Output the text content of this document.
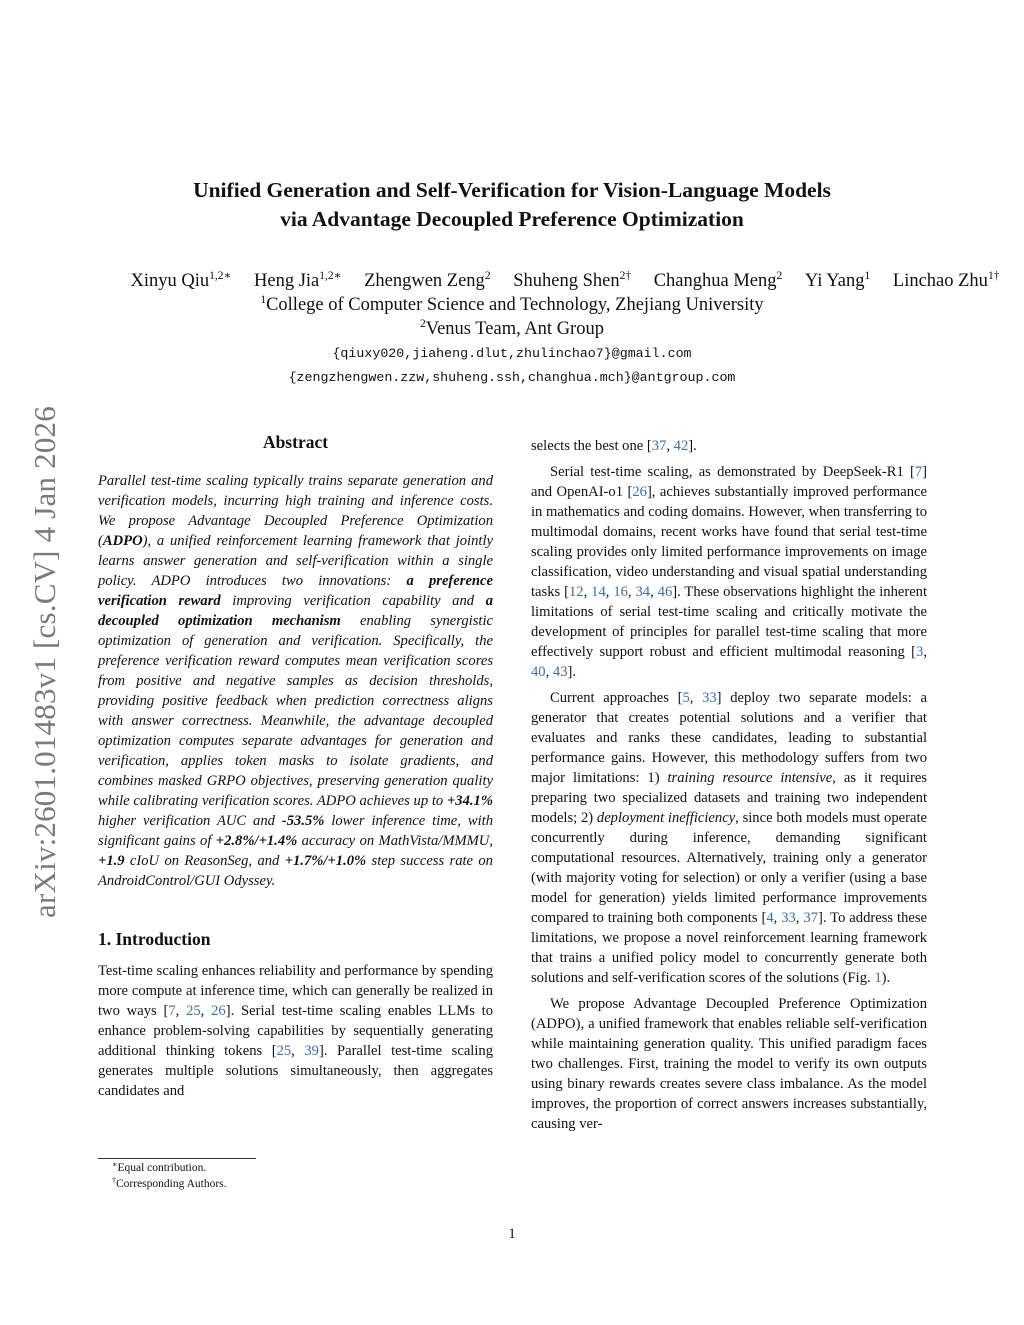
arXiv:2601.01483v1 [cs.CV] 4 Jan 2026
Unified Generation and Self-Verification for Vision-Language Models
via Advantage Decoupled Preference Optimization
Xinyu Qiu$^{1,2∗}$ Heng Jia$^{1,2∗}$ Zhengwen Zeng$^2$ Shuheng Shen$^{2\dagger}$ Changhua Meng$^2$ Yi Yang$^1$ Linchao Zhu$^{1\dagger}$
$^1$College of Computer Science and Technology, Zhejiang University
$^2$Venus Team, Ant Group
{qiuxy020,jiaheng.dlut,zhulinchao7}@gmail.com
{zengzhengwen.zzw,shuheng.ssh,changhua.mch}@antgroup.com
Abstract
Parallel test-time scaling typically trains separate generation and verification models, incurring high training and inference costs. We propose Advantage Decoupled Preference Optimization (ADPO), a unified reinforcement learning framework that jointly learns answer generation and self-verification within a single policy. ADPO introduces two innovations: a preference verification reward improving verification capability and a decoupled optimization mechanism enabling synergistic optimization of generation and verification. Specifically, the preference verification reward computes mean verification scores from positive and negative samples as decision thresholds, providing positive feedback when prediction correctness aligns with answer correctness. Meanwhile, the advantage decoupled optimization computes separate advantages for generation and verification, applies token masks to isolate gradients, and combines masked GRPO objectives, preserving generation quality while calibrating verification scores. ADPO achieves up to +34.1% higher verification AUC and -53.5% lower inference time, with significant gains of +2.8%/+1.4% accuracy on MathVista/MMMU, +1.9 cIoU on ReasonSeg, and +1.7%/+1.0% step success rate on AndroidControl/GUI Odyssey.
1. Introduction
Test-time scaling enhances reliability and performance by spending more compute at inference time, which can generally be realized in two ways [7, 25, 26]. Serial test-time scaling enables LLMs to enhance problem-solving capabilities by sequentially generating additional thinking tokens [25, 39]. Parallel test-time scaling generates multiple solutions simultaneously, then aggregates candidates and
selects the best one [37, 42].
Serial test-time scaling, as demonstrated by DeepSeek-R1 [7] and OpenAI-o1 [26], achieves substantially improved performance in mathematics and coding domains. However, when transferring to multimodal domains, recent works have found that serial test-time scaling provides only limited performance improvements on image classification, video understanding and visual spatial understanding tasks [12, 14, 16, 34, 46]. These observations highlight the inherent limitations of serial test-time scaling and critically motivate the development of principles for parallel test-time scaling that more effectively support robust and efficient multimodal reasoning [3, 40, 43].
Current approaches [5, 33] deploy two separate models: a generator that creates potential solutions and a verifier that evaluates and ranks these candidates, leading to substantial performance gains. However, this methodology suffers from two major limitations: 1) training resource intensive, as it requires preparing two specialized datasets and training two independent models; 2) deployment inefficiency, since both models must operate concurrently during inference, demanding significant computational resources. Alternatively, training only a generator (with majority voting for selection) or only a verifier (using a base model for generation) yields limited performance improvements compared to training both components [4, 33, 37]. To address these limitations, we propose a novel reinforcement learning framework that trains a unified policy model to concurrently generate both solutions and self-verification scores of the solutions (Fig. 1).
We propose Advantage Decoupled Preference Optimization (ADPO), a unified framework that enables reliable self-verification while maintaining generation quality. This unified paradigm faces two challenges. First, training the model to verify its own outputs using binary rewards creates severe class imbalance. As the model improves, the proportion of correct answers increases substantially, causing ver-
∗Equal contribution.
†Corresponding Authors.
1
